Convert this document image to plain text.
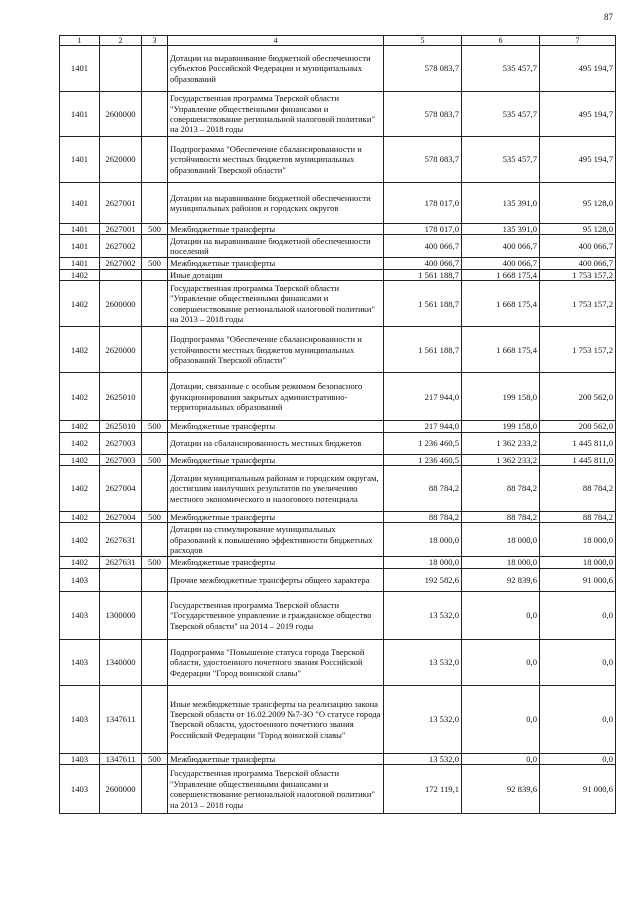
87
1	2	3	4	5	6	7
1401			Дотации на выравнивание бюджетной обеспеченности субъектов Российской Федерации и муниципальных образований	578 083,7	535 457,7	495 194,7
1401	2600000		Государственная программа Тверской области "Управление общественными финансами и совершенствование региональной налоговой политики" на 2013 – 2018 годы	578 083,7	535 457,7	495 194,7
1401	2620000		Подпрограмма "Обеспечение сбалансированности и устойчивости местных бюджетов муниципальных образований Тверской области"	578 083,7	535 457,7	495 194,7
1401	2627001		Дотации на выравнивание бюджетной обеспеченности муниципальных районов и городских округов	178 017,0	135 391,0	95 128,0
1401	2627001	500	Межбюджетные трансферты	178 017,0	135 391,0	95 128,0
1401	2627002		Дотации на выравнивание бюджетной обеспеченности поселений	400 066,7	400 066,7	400 066,7
1401	2627002	500	Межбюджетные трансферты	400 066,7	400 066,7	400 066,7
1402			Иные дотации	1 561 188,7	1 668 175,4	1 753 157,2
1402	2600000		Государственная программа Тверской области "Управление общественными финансами и совершенствование региональной налоговой политики" на 2013 – 2018 годы	1 561 188,7	1 668 175,4	1 753 157,2
1402	2620000		Подпрограмма "Обеспечение сбалансированности и устойчивости местных бюджетов муниципальных образований Тверской области"	1 561 188,7	1 668 175,4	1 753 157,2
1402	2625010		Дотации, связанные с особым режимом безопасного функционирования закрытых административно-территориальных образований	217 944,0	199 158,0	200 562,0
1402	2625010	500	Межбюджетные трансферты	217 944,0	199 158,0	200 562,0
1402	2627003		Дотации на сбалансированность местных бюджетов	1 236 460,5	1 362 233,2	1 445 811,0
1402	2627003	500	Межбюджетные трансферты	1 236 460,5	1 362 233,2	1 445 811,0
1402	2627004		Дотации муниципальным районам и городским округам, достигшим наилучших результатов по увеличению местного экономического и налогового потенциала	88 784,2	88 784,2	88 784,2
1402	2627004	500	Межбюджетные трансферты	88 784,2	88 784,2	88 784,2
1402	2627631		Дотации на стимулирование муниципальных образований к повышению эффективности бюджетных расходов	18 000,0	18 000,0	18 000,0
1402	2627631	500	Межбюджетные трансферты	18 000,0	18 000,0	18 000,0
1403			Прочие межбюджетные трансферты общего характера	192 582,6	92 839,6	91 000,6
1403	1300000		Государственная программа Тверской области "Государственное управление и гражданское общество Тверской области" на 2014 – 2019 годы	13 532,0	0,0	0,0
1403	1340000		Подпрограмма "Повышение статуса города Тверской области, удостоенного почетного звания Российской Федерации "Город воинской славы"	13 532,0	0,0	0,0
1403	1347611		Иные межбюджетные трансферты на реализацию закона Тверской области от 16.02.2009 №7-ЗО "О статусе города Тверской области, удостоенного почетного звания Российской Федерации "Город воинской славы"	13 532,0	0,0	0,0
1403	1347611	500	Межбюджетные трансферты	13 532,0	0,0	0,0
1403	2600000		Государственная программа Тверской области "Управление общественными финансами и совершенствование региональной налоговой политики" на 2013 – 2018 годы	172 119,1	92 839,6	91 000,6
